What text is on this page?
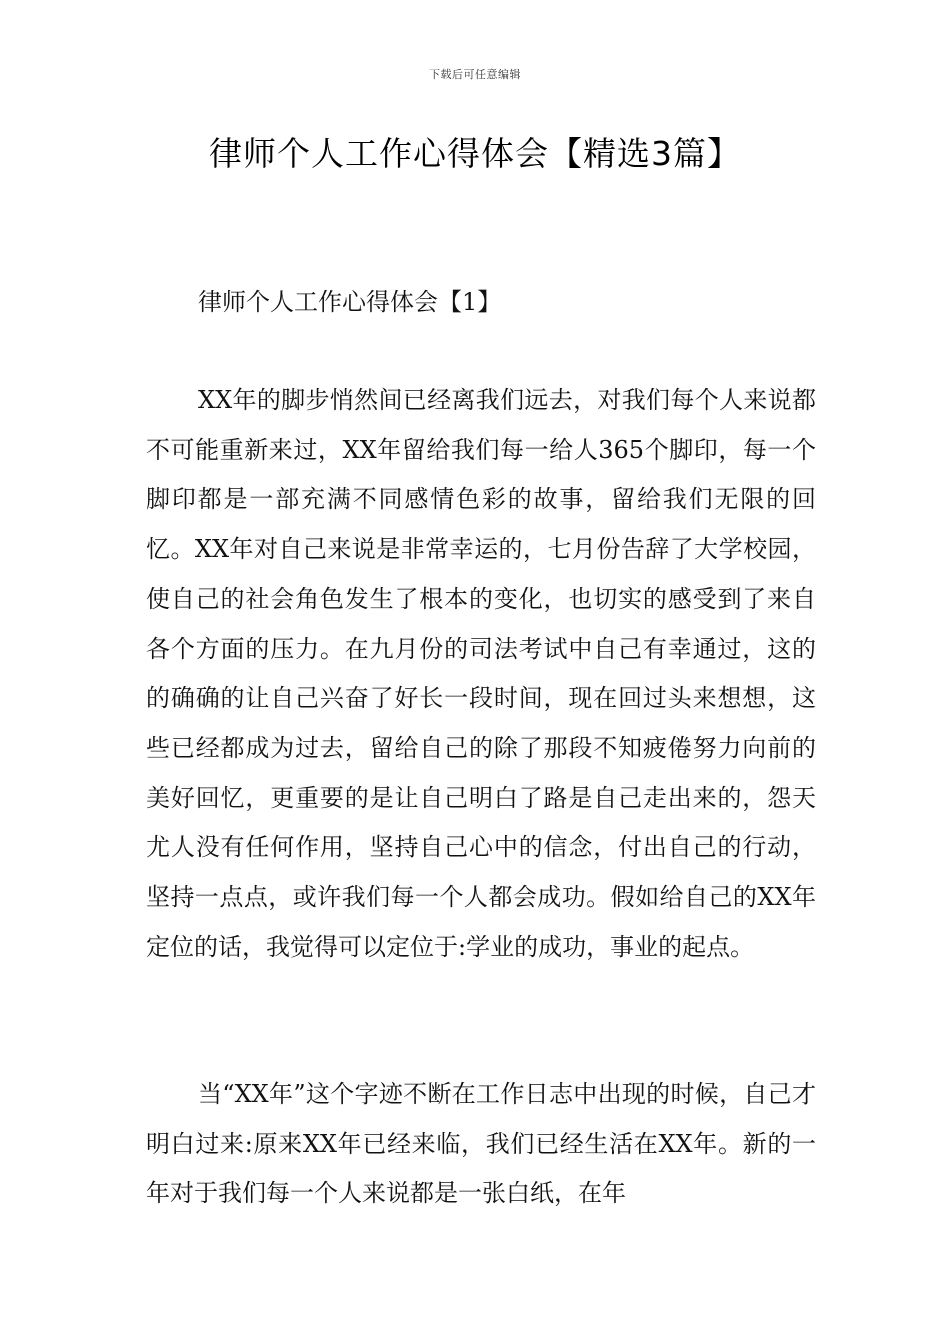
下载后可任意编辑
律师个人工作心得体会【精选3篇】
律师个人工作心得体会【1】

XX年的脚步悄然间已经离我们远去，对我们每个人来说都不可能重新来过，XX年留给我们每一给人365个脚印，每一个脚印都是一部充满不同感情色彩的故事，留给我们无限的回忆。XX年对自己来说是非常幸运的，七月份告辞了大学校园，使自己的社会角色发生了根本的变化，也切实的感受到了来自各个方面的压力。在九月份的司法考试中自己有幸通过，这的的确确的让自己兴奋了好长一段时间，现在回过头来想想，这些已经都成为过去，留给自己的除了那段不知疲倦努力向前的美好回忆，更重要的是让自己明白了路是自己走出来的，怨天尤人没有任何作用，坚持自己心中的信念，付出自己的行动，坚持一点点，或许我们每一个人都会成功。假如给自己的XX年定位的话，我觉得可以定位于:学业的成功，事业的起点。

当“XX年”这个字迹不断在工作日志中出现的时候，自己才明白过来:原来XX年已经来临，我们已经生活在XX年。新的一年对于我们每一个人来说都是一张白纸，在年
